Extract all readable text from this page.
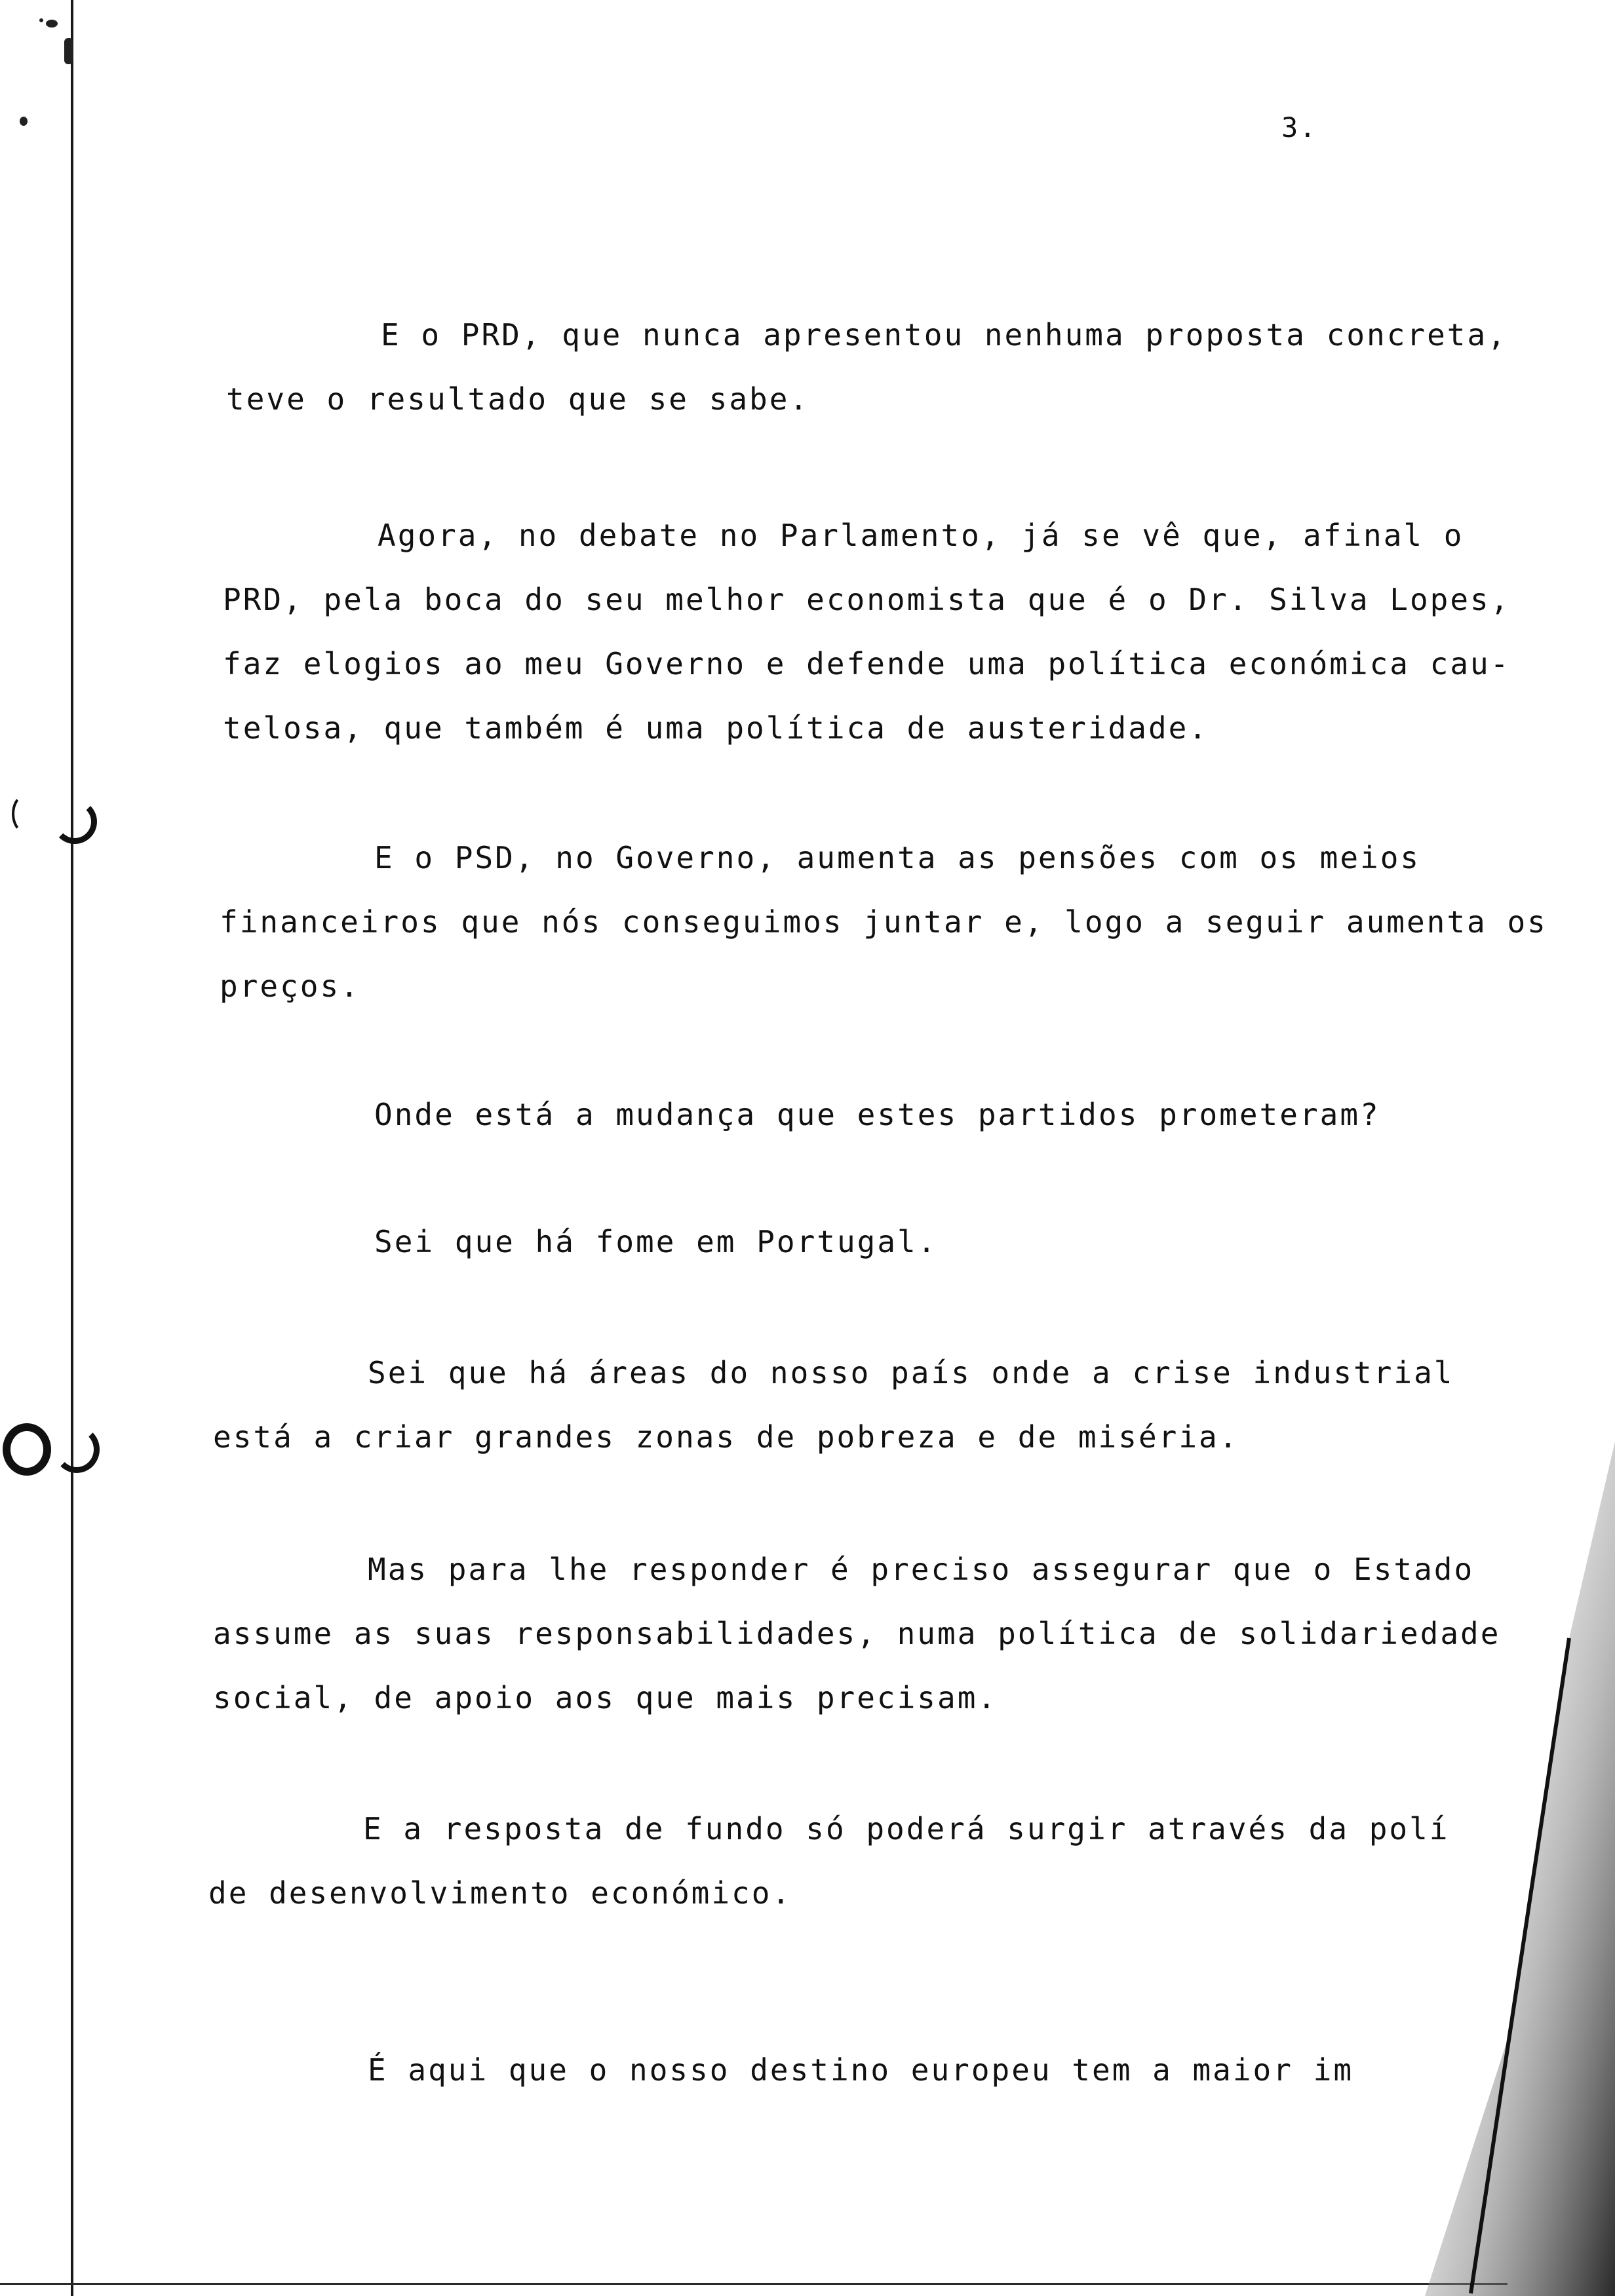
3.
E o PRD, que nunca apresentou nenhuma proposta concreta,
teve o resultado que se sabe.
Agora, no debate no Parlamento, já se vê que, afinal o
PRD, pela boca do seu melhor economista que é o Dr. Silva Lopes,
faz elogios ao meu Governo e defende uma política económica cau-
telosa, que também é uma política de austeridade.
E o PSD, no Governo, aumenta as pensões com os meios
financeiros que nós conseguimos juntar e, logo a seguir aumenta os
preços.
Onde está a mudança que estes partidos prometeram?
Sei que há fome em Portugal.
Sei que há áreas do nosso país onde a crise industrial
está a criar grandes zonas de pobreza e de miséria.
Mas para lhe responder é preciso assegurar que o Estado
assume as suas responsabilidades, numa política de solidariedade
social, de apoio aos que mais precisam.
E a resposta de fundo só poderá surgir através da polí
de desenvolvimento económico.
É aqui que o nosso destino europeu tem a maior im
